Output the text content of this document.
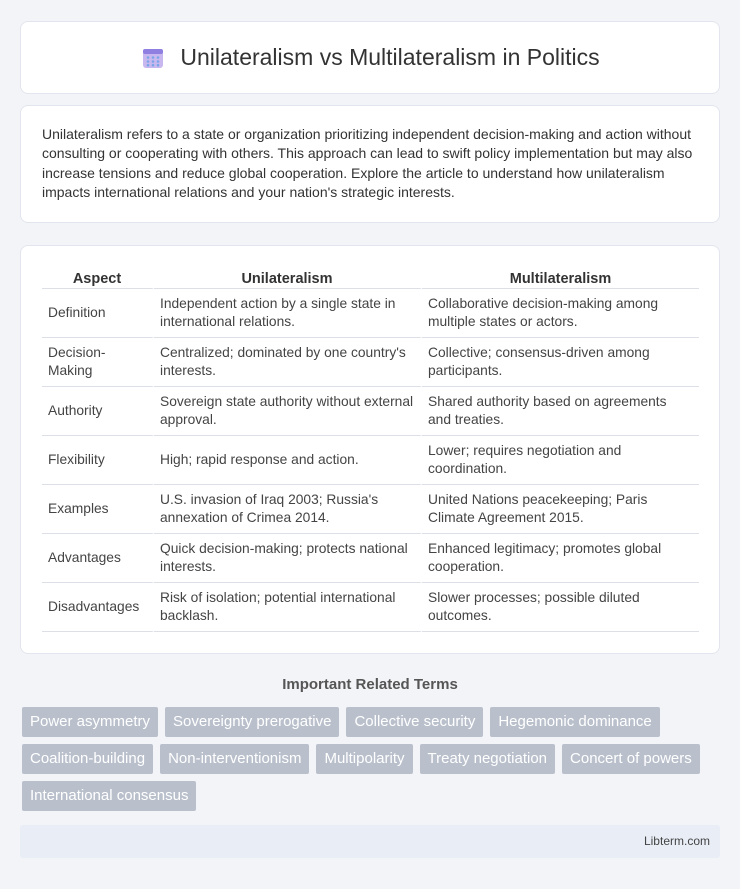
Unilateralism vs Multilateralism in Politics

Unilateralism refers to a state or organization prioritizing independent decision-making and action without consulting or cooperating with others. This approach can lead to swift policy implementation but may also increase tensions and reduce global cooperation. Explore the article to understand how unilateralism impacts international relations and your nation's strategic interests.

Aspect	Unilateralism	Multilateralism
Definition	Independent action by a single state in international relations.	Collaborative decision-making among multiple states or actors.
Decision-Making	Centralized; dominated by one country's interests.	Collective; consensus-driven among participants.
Authority	Sovereign state authority without external approval.	Shared authority based on agreements and treaties.
Flexibility	High; rapid response and action.	Lower; requires negotiation and coordination.
Examples	U.S. invasion of Iraq 2003; Russia's annexation of Crimea 2014.	United Nations peacekeeping; Paris Climate Agreement 2015.
Advantages	Quick decision-making; protects national interests.	Enhanced legitimacy; promotes global cooperation.
Disadvantages	Risk of isolation; potential international backlash.	Slower processes; possible diluted outcomes.
Important Related Terms
Power asymmetry	Sovereignty prerogative	Collective security	Hegemonic dominance
Coalition-building	Non-interventionism	Multipolarity	Treaty negotiation	Concert of powers
International consensus
Libterm.com
